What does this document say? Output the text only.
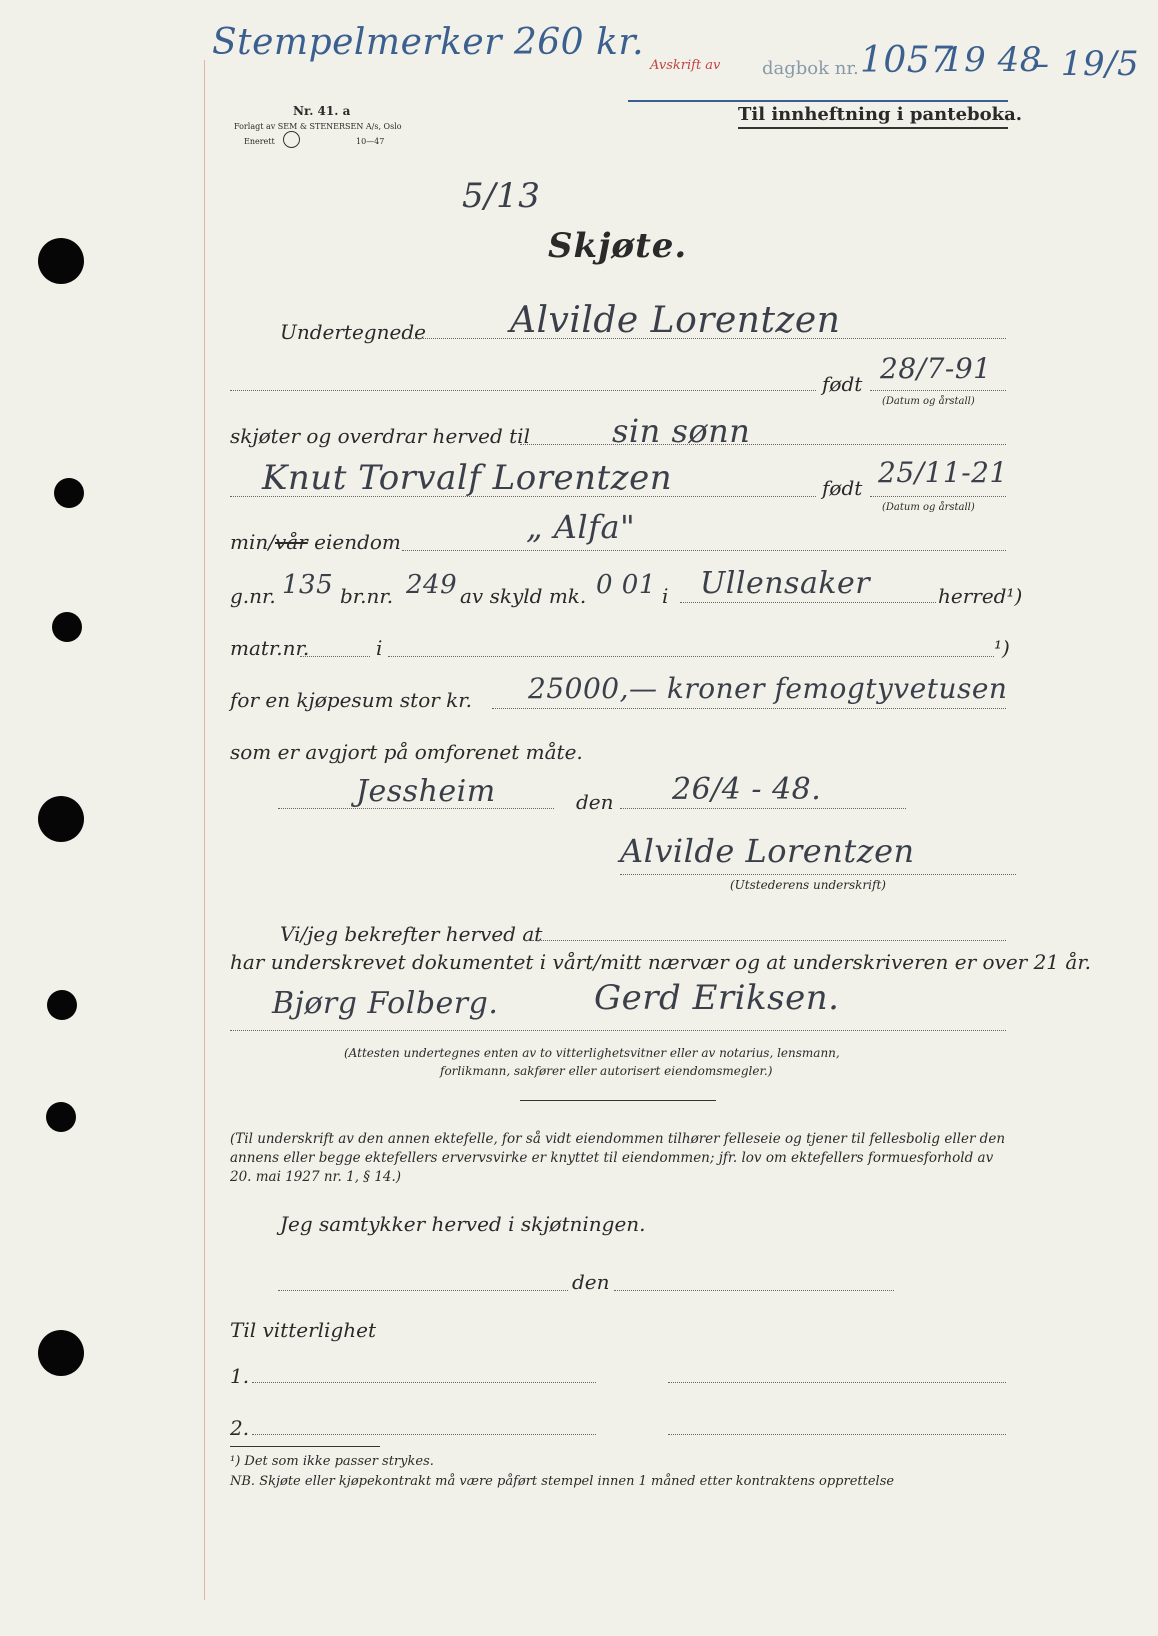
Stempelmerker 260 kr.
Avskrift av dagbok nr. 1057
19 48
– 19/5
Til innheftning i panteboka.
Nr. 41. a
Forlagt av SEM & STENERSEN A/s, Oslo
Enerett	10—47
5/13
Skjøte.
Undertegnede Alvilde Lorentzen
født 28/7-91
(Datum og årstall)
skjøter og overdrar herved til	sin sønn
Knut Torvalf Lorentzen	født 25/11-21
(Datum og årstall)
min/vår eiendom	„ Alfa"
g.nr. 135 br.nr. 249 av skyld mk. 0 01 i Ullensaker	herred¹)
matr.nr.	i	¹)
for en kjøpesum stor kr. 25000,— kroner femogtyvetusen
som er avgjort på omforenet måte.
Jessheim	den 26/4 - 48.
Alvilde Lorentzen
(Utstederens underskrift)
Vi/jeg bekrefter herved at
har underskrevet dokumentet i vårt/mitt nærvær og at underskriveren er over 21 år.
Bjørg Folberg.	Gerd Eriksen.
(Attesten undertegnes enten av to vitterlighetsvitner eller av notarius, lensmann,
forlikmann, sakfører eller autorisert eiendomsmegler.)
(Til underskrift av den annen ektefelle, for så vidt eiendommen tilhører felleseie og tjener til fellesbolig eller den annens eller begge ektefellers ervervsvirke er knyttet til eiendommen; jfr. lov om ektefellers formuesforhold av 20. mai 1927 nr. 1, § 14.)
Jeg samtykker herved i skjøtningen.
den
Til vitterlighet
1.
2.
¹) Det som ikke passer strykes.
NB. Skjøte eller kjøpekontrakt må være påført stempel innen 1 måned etter kontraktens opprettelse
